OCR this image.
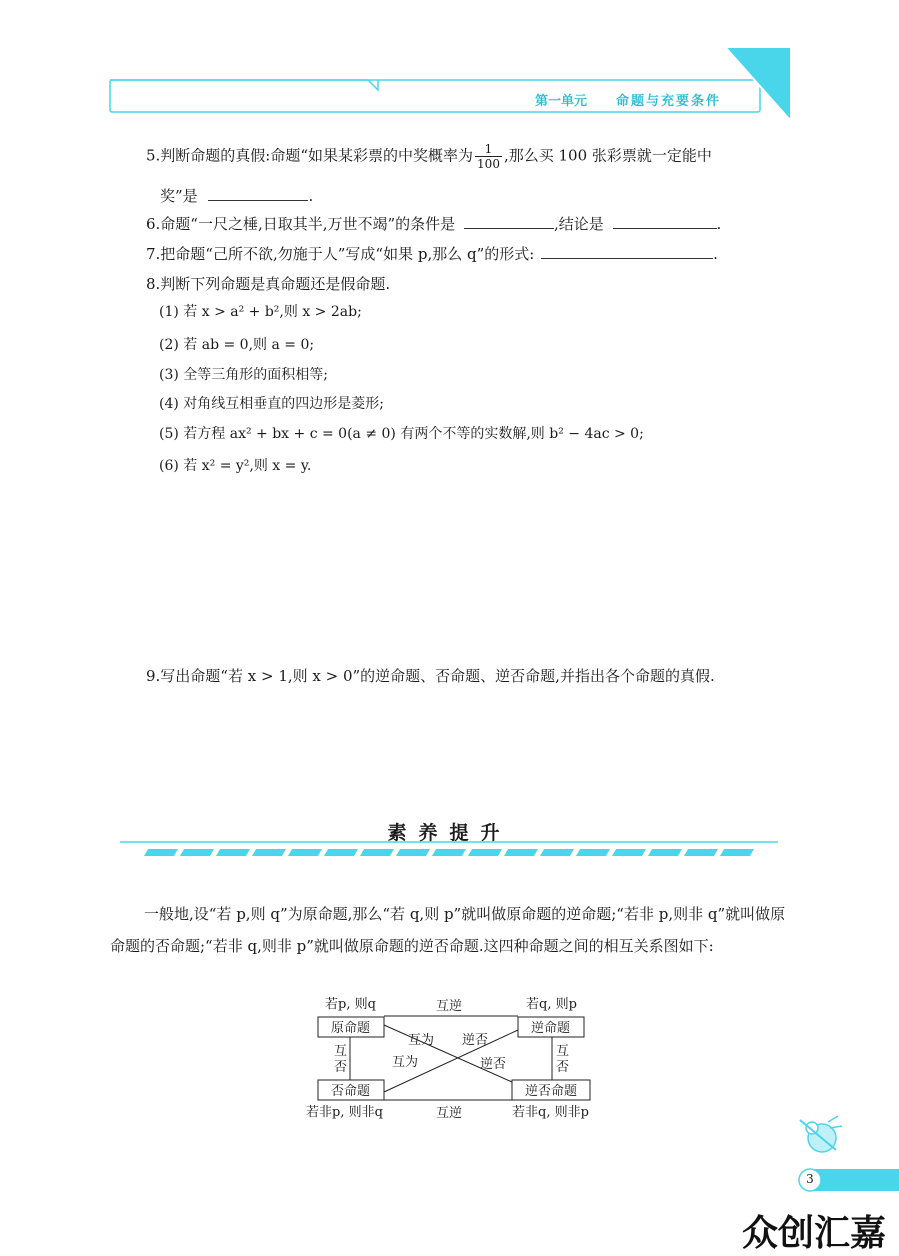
第一单元 命题与充要条件
5.判断命题的真假:命题“如果某彩票的中奖概率为 $\frac{1}{100}$ ,那么买 100 张彩票就一定能中
奖”是	.
6.命题“一尺之棰,日取其半,万世不竭”的条件是	,结论是	.
7.把命题“己所不欲,勿施于人”写成“如果 p,那么 q”的形式:	.
8.判断下列命题是真命题还是假命题.
(1) 若 x > a² + b²,则 x > 2ab;
(2) 若 ab = 0,则 a = 0;
(3) 全等三角形的面积相等;
(4) 对角线互相垂直的四边形是菱形;
(5) 若方程 ax² + bx + c = 0(a ≠ 0) 有两个不等的实数解,则 b² − 4ac > 0;
(6) 若 x² = y²,则 x = y.
9.写出命题“若 x > 1,则 x > 0”的逆命题、否命题、逆否命题,并指出各个命题的真假.
素养提升

一般地,设“若 p,则 q”为原命题,那么“若 q,则 p”就叫做原命题的逆命题;“若非 p,则非 q”就叫做原命题的否命题;“若非 q,则非 p”就叫做原命题的逆否命题.这四种命题之间的相互关系图如下:

若p, 则q	若q, 则p
若非p, 则非q	若非q, 则非p
原命题	逆命题
否命题	逆否命题
互逆
互逆
互
否
互
否
互为 逆否
互为	逆否
3
众创汇嘉
